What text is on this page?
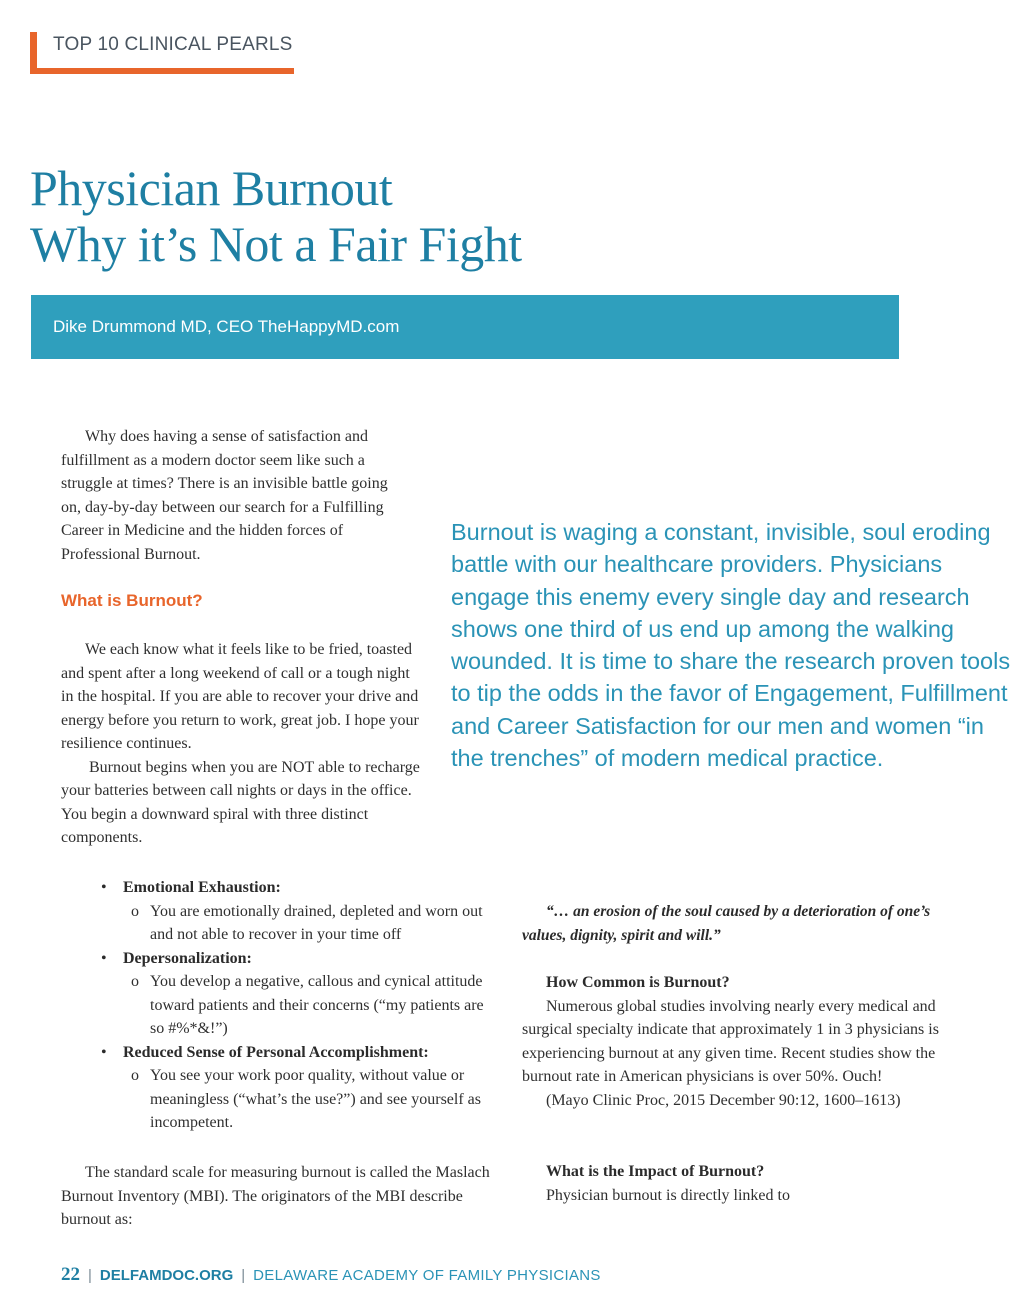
TOP 10 CLINICAL PEARLS
Physician Burnout
Why it’s Not a Fair Fight
Dike Drummond MD, CEO TheHappyMD.com

Why does having a sense of satisfaction and fulfillment as a modern doctor seem like such a struggle at times? There is an invisible battle going on, day-by-day between our search for a Fulfilling Career in Medicine and the hidden forces of Professional Burnout.

What is Burnout?

We each know what it feels like to be fried, toasted and spent after a long weekend of call or a tough night in the hospital. If you are able to recover your drive and energy before you return to work, great job. I hope your resilience continues.

Burnout begins when you are NOT able to recharge your batteries between call nights or days in the office. You begin a downward spiral with three distinct components.

Burnout is waging a constant, invisible, soul eroding battle with our healthcare providers. Physicians engage this enemy every single day and research shows one third of us end up among the walking wounded. It is time to share the research proven tools to tip the odds in the favor of Engagement, Fulfillment and Career Satisfaction for our men and women “in the trenches” of modern medical practice.
• Emotional Exhaustion:
o You are emotionally drained, depleted and worn out and not able to recover in your time off
• Depersonalization:
o You develop a negative, callous and cynical attitude toward patients and their concerns (“my patients are so #%*&!”)
• Reduced Sense of Personal Accomplishment:
o You see your work poor quality, without value or meaningless (“what’s the use?”) and see yourself as incompetent.

The standard scale for measuring burnout is called the Maslach Burnout Inventory (MBI). The originators of the MBI describe burnout as:

“… an erosion of the soul caused by a deterioration of one’s
values, dignity, spirit and will.”
How Common is Burnout?

Numerous global studies involving nearly every medical and surgical specialty indicate that approximately 1 in 3 physicians is experiencing burnout at any given time. Recent studies show the burnout rate in American physicians is over 50%. Ouch!

(Mayo Clinic Proc, 2015 December 90:12, 1600–1613)

What is the Impact of Burnout?

Physician burnout is directly linked to

22 | DELFAMDOC.ORG | DELAWARE ACADEMY OF FAMILY PHYSICIANS
